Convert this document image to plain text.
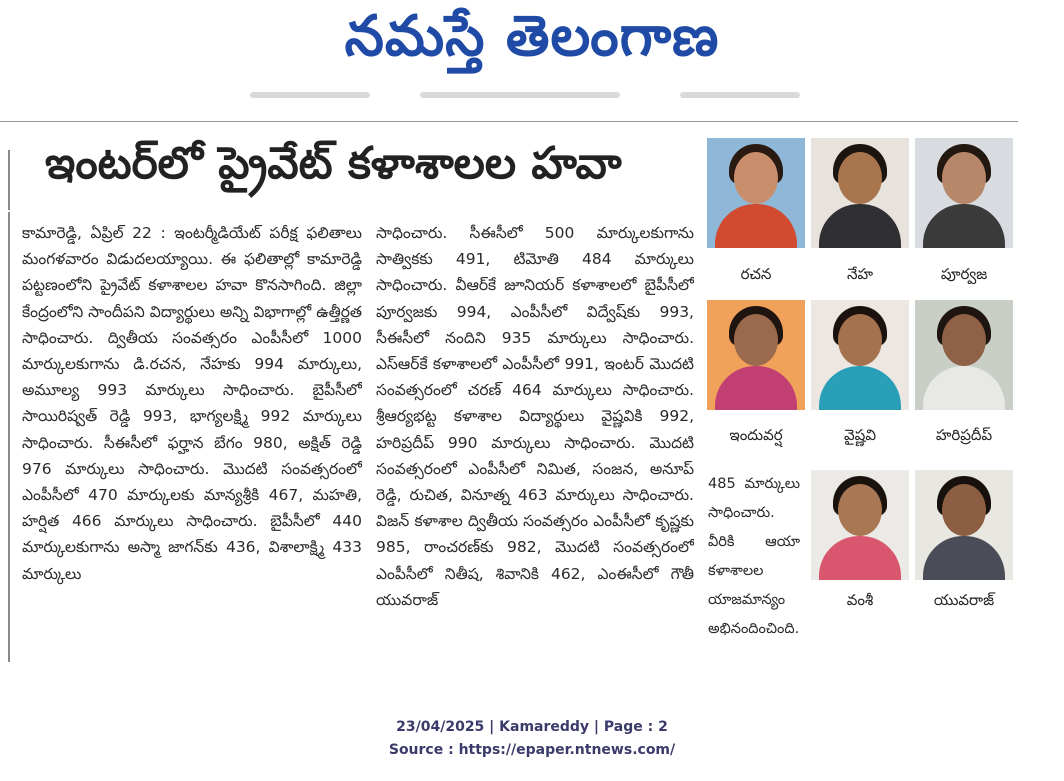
నమస్తే తెలంగాణ
ఇంటర్‌లో ప్రైవేట్ కళాశాలల హవా
కామారెడ్డి, ఏప్రిల్ 22 : ఇంటర్మీడియేట్ పరీక్ష ఫలితాలు మంగళవారం విడుదలయ్యాయి. ఈ ఫలితాల్లో కామారెడ్డి పట్టణంలోని ప్రైవేట్ కళాశాలల హవా కొనసాగింది. జిల్లా కేంద్రంలోని సాందీపని విద్యార్థులు అన్ని విభాగాల్లో ఉత్తీర్ణత సాధించారు. ద్వితీయ సంవత్సరం ఎంపీసీలో 1000 మార్కులకుగాను డి.రచన, నేహకు 994 మార్కులు, అమూల్య 993 మార్కులు సాధించారు. బైపీసీలో సాయిరిష్వత్ రెడ్డి 993, భాగ్యలక్ష్మి 992 మార్కులు సాధించారు. సీఈసీలో ఫర్హాన బేగం 980, అక్షిత్ రెడ్డి 976 మార్కులు సాధించారు. మొదటి సంవత్సరంలో ఎంపీసీలో 470 మార్కులకు మాన్యశ్రీకి 467, మహతి, హర్షిత 466 మార్కులు సాధించారు. బైపీసీలో 440 మార్కులకుగాను అస్మా జాగన్‌కు 436, విశాలాక్ష్మి 433 మార్కులు
సాధించారు. సీఈసీలో 500 మార్కులకుగాను సాత్వికకు 491, టిమోతి 484 మార్కులు సాధించారు. వీఆర్‌కే జూనియర్ కళాశాలలో బైపీసీలో పూర్వజకు 994, ఎంపీసీలో విద్వేష్‌కు 993, సీఈసీలో నందిని 935 మార్కులు సాధించారు. ఎస్‌ఆర్‌కే కళాశాలలో ఎంపీసీలో 991, ఇంటర్ మొదటి సంవత్సరంలో చరణ్ 464 మార్కులు సాధించారు. శ్రీఆర్యభట్ట కళాశాల విద్యార్థులు వైష్ణవికి 992, హరిప్రదీప్ 990 మార్కులు సాధించారు. మొదటి సంవత్సరంలో ఎంపీసీలో నిమిత, సంజన, అనూప్ రెడ్డి, రుచిత, వినూత్న 463 మార్కులు సాధించారు. విజన్ కళాశాల ద్వితీయ సంవత్సరం ఎంపీసీలో కృష్ణకు 985, రాంచరణ్‌కు 982, మొదటి సంవత్సరంలో ఎంపీసీలో నితీష, శివానికి 462, ఎంఈసీలో గౌతీ యువరాజ్
485 మార్కులు సాధించారు. వీరికి ఆయా కళాశాలల యాజమాన్యం అభినందించింది.
రచన	నేహ	పూర్వజ
ఇందువర్ష	వైష్ణవి	హరిప్రదీప్
వంశీ	యువరాజ్
23/04/2025 | Kamareddy | Page : 2
Source : https://epaper.ntnews.com/
